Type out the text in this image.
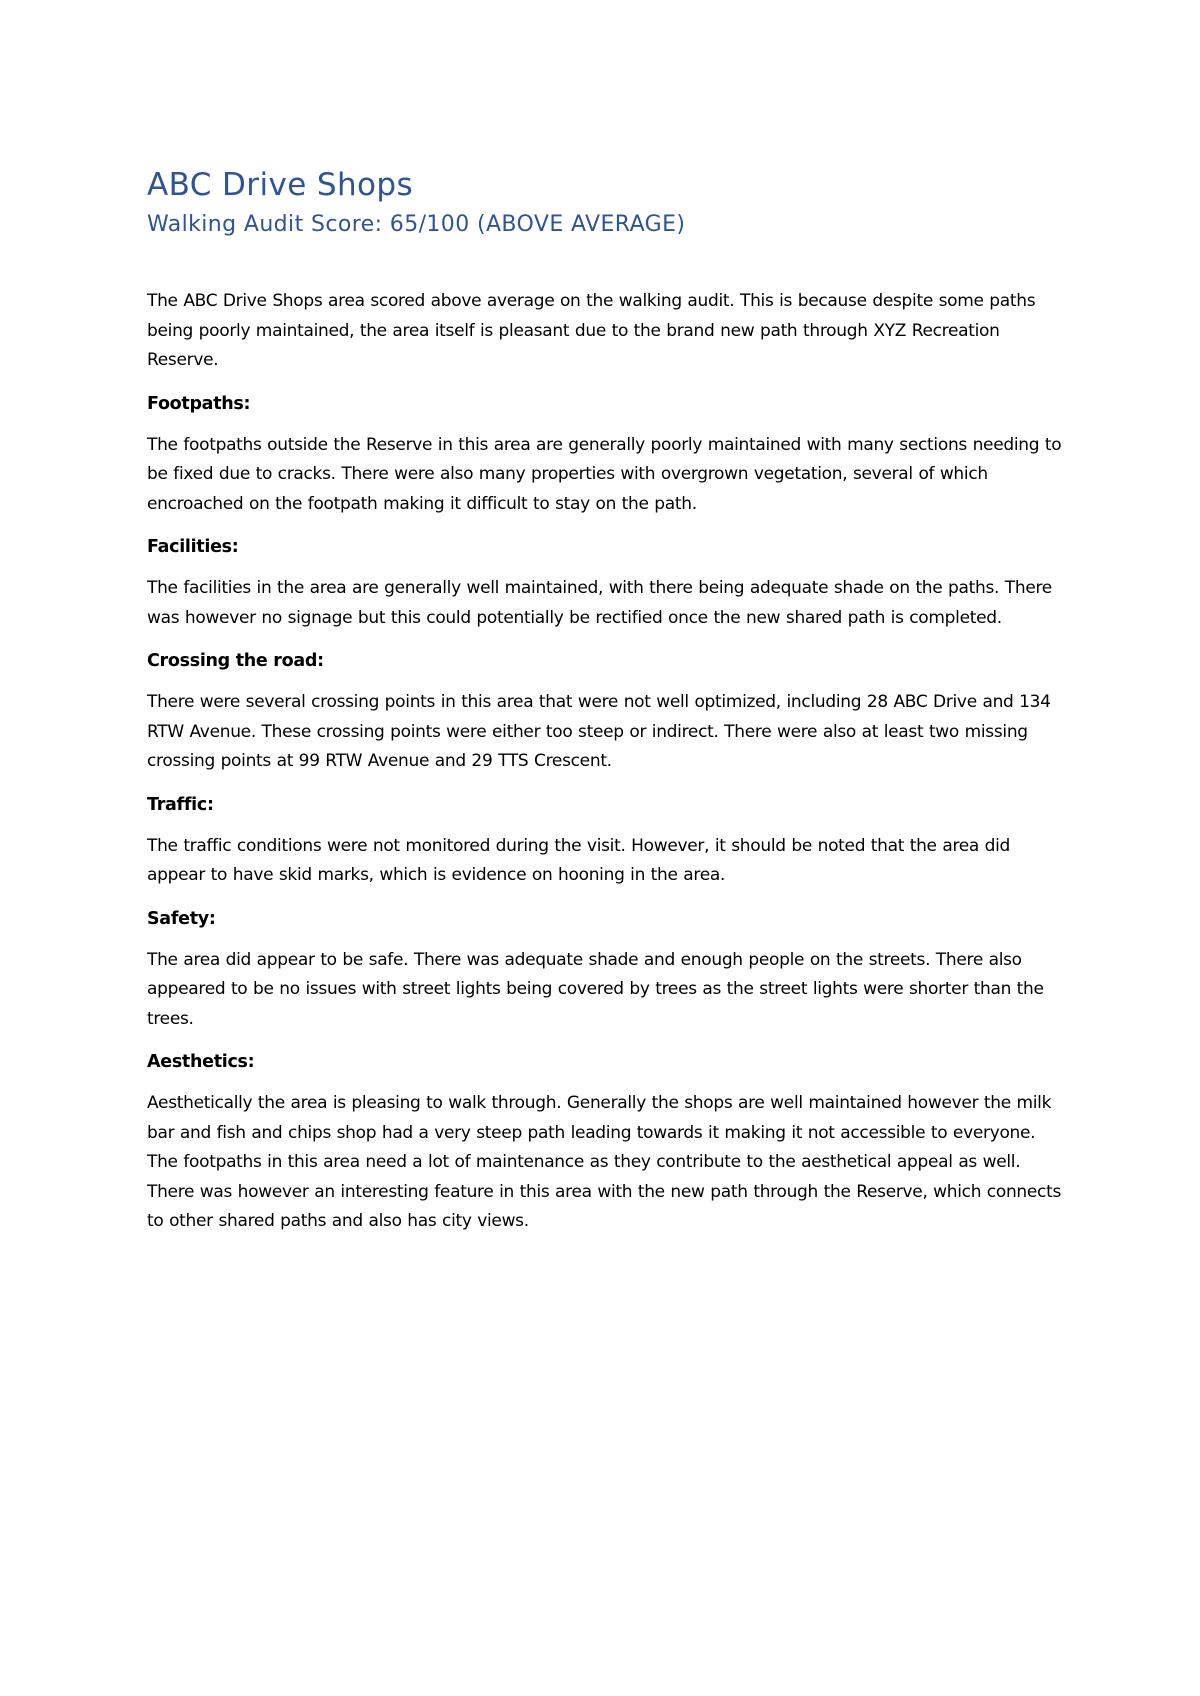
ABC Drive Shops
Walking Audit Score: 65/100 (ABOVE AVERAGE)

The ABC Drive Shops area scored above average on the walking audit. This is because despite some paths being poorly maintained, the area itself is pleasant due to the brand new path through XYZ Recreation Reserve.

Footpaths:

The footpaths outside the Reserve in this area are generally poorly maintained with many sections needing to be fixed due to cracks. There were also many properties with overgrown vegetation, several of which encroached on the footpath making it difficult to stay on the path.

Facilities:

The facilities in the area are generally well maintained, with there being adequate shade on the paths. There was however no signage but this could potentially be rectified once the new shared path is completed.

Crossing the road:

There were several crossing points in this area that were not well optimized, including 28 ABC Drive and 134 RTW Avenue. These crossing points were either too steep or indirect. There were also at least two missing crossing points at 99 RTW Avenue and 29 TTS Crescent.

Traffic:

The traffic conditions were not monitored during the visit. However, it should be noted that the area did appear to have skid marks, which is evidence on hooning in the area.

Safety:

The area did appear to be safe. There was adequate shade and enough people on the streets. There also appeared to be no issues with street lights being covered by trees as the street lights were shorter than the trees.

Aesthetics:

Aesthetically the area is pleasing to walk through. Generally the shops are well maintained however the milk bar and fish and chips shop had a very steep path leading towards it making it not accessible to everyone. The footpaths in this area need a lot of maintenance as they contribute to the aesthetical appeal as well. There was however an interesting feature in this area with the new path through the Reserve, which connects to other shared paths and also has city views.
